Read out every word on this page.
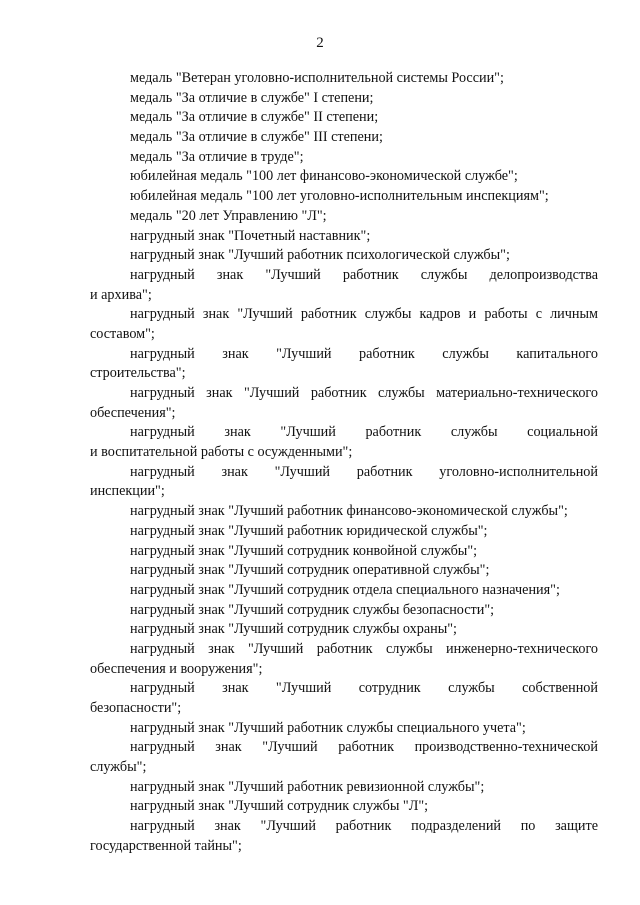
2
медаль "Ветеран уголовно-исполнительной системы России";
медаль "За отличие в службе" I степени;
медаль "За отличие в службе" II степени;
медаль "За отличие в службе" III степени;
медаль "За отличие в труде";
юбилейная медаль "100 лет финансово-экономической службе";
юбилейная медаль "100 лет уголовно-исполнительным инспекциям";
медаль "20 лет Управлению "Л";
нагрудный знак "Почетный наставник";
нагрудный знак "Лучший работник психологической службы";
нагрудный знак "Лучший работник службы делопроизводства
и архива";
нагрудный знак "Лучший работник службы кадров и работы с личным
составом";
нагрудный знак "Лучший работник службы капитального
строительства";
нагрудный знак "Лучший работник службы материально-технического
обеспечения";
нагрудный знак "Лучший работник службы социальной
и воспитательной работы с осужденными";
нагрудный знак "Лучший работник уголовно-исполнительной
инспекции";
нагрудный знак "Лучший работник финансово-экономической службы";
нагрудный знак "Лучший работник юридической службы";
нагрудный знак "Лучший сотрудник конвойной службы";
нагрудный знак "Лучший сотрудник оперативной службы";
нагрудный знак "Лучший сотрудник отдела специального назначения";
нагрудный знак "Лучший сотрудник службы безопасности";
нагрудный знак "Лучший сотрудник службы охраны";
нагрудный знак "Лучший работник службы инженерно-технического
обеспечения и вооружения";
нагрудный знак "Лучший сотрудник службы собственной
безопасности";
нагрудный знак "Лучший работник службы специального учета";
нагрудный знак "Лучший работник производственно-технической
службы";
нагрудный знак "Лучший работник ревизионной службы";
нагрудный знак "Лучший сотрудник службы "Л";
нагрудный знак "Лучший работник подразделений по защите
государственной тайны";
